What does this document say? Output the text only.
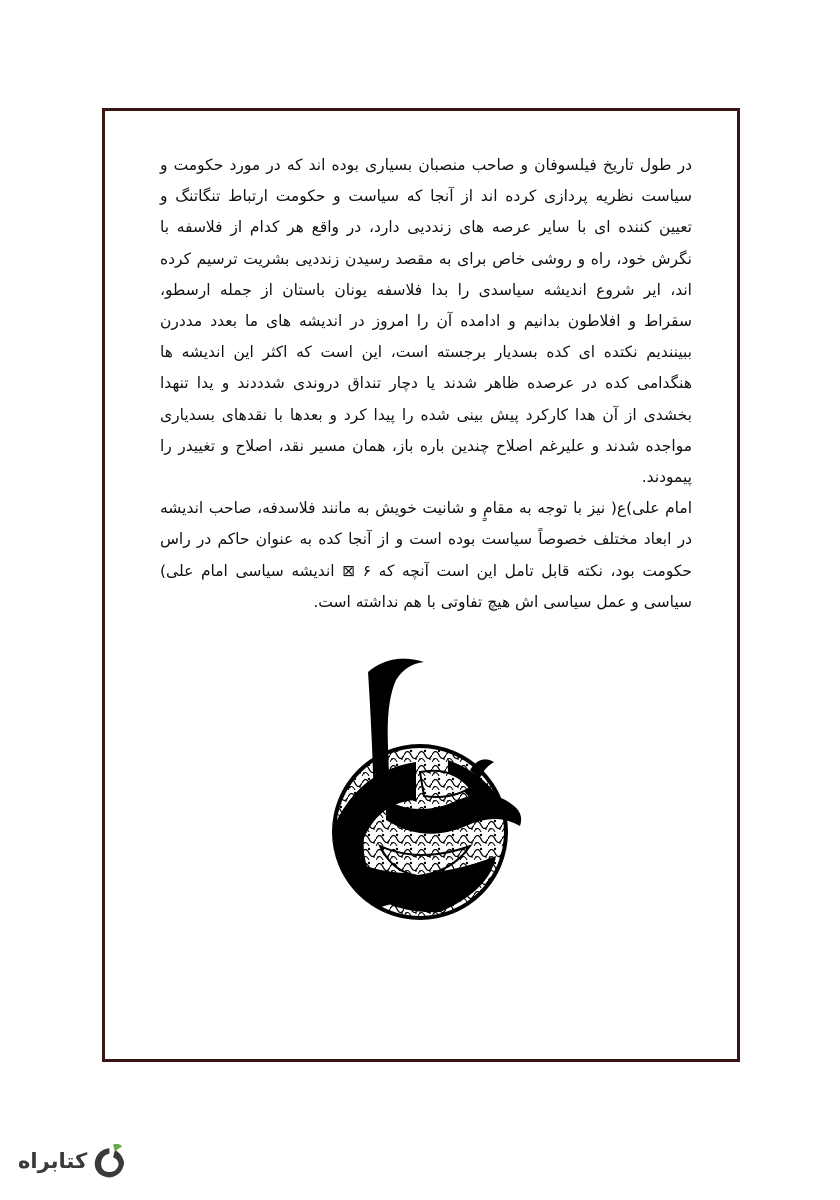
در طول تاریخ فیلسوفان و صاحب منصبان بسیاری بوده اند که در مورد حکومت و سیاست نظریه پردازی کرده اند از آنجا که سیاست و حکومت ارتباط تنگاتنگ و تعیین کننده ای با سایر عرصه های زنددیی دارد، در واقع هر کدام از فلاسفه با نگرش خود، راه و روشی خاص برای به مقصد رسیدن زنددیی بشریت ترسیم کرده اند، ایر شروع اندیشه سیاسدی را بدا فلاسفه یونان باستان از جمله ارسطو، سقراط و افلاطون بدانیم و ادامده آن را امروز در اندیشه های ما بعدد مددرن ببینندیم نکتده ای کده بسدیار برجسته است، این است که اکثر این اندیشه ها هنگدامی کده در عرصده ظاهر شدند یا دچار تنداق دروندی شدددند و یدا تنهدا بخشدی از آن هدا کارکرد پیش بینی شده را پیدا کرد و بعدها با نقدهای بسدیاری مواجده شدند و علیرغم اصلاح چندین باره باز، همان مسیر نقد، اصلاح و تغییدر را پیمودند.

امام علی)ع( نیز با توجه به مقامٍ و شانیت خویش به مانند فلاسدفه، صاحب اندیشه در ابعاد مختلف خصوصاً سیاست بوده است و از آنجا کده به عنوان حاکم در راس حکومت بود، نکته قابل تامل این است آنچه که ۶ ⊠ اندیشه سیاسی امام علی) سیاسی و عمل سیاسی اش هیچ تفاوتی با هم نداشته است.

کتابراه
